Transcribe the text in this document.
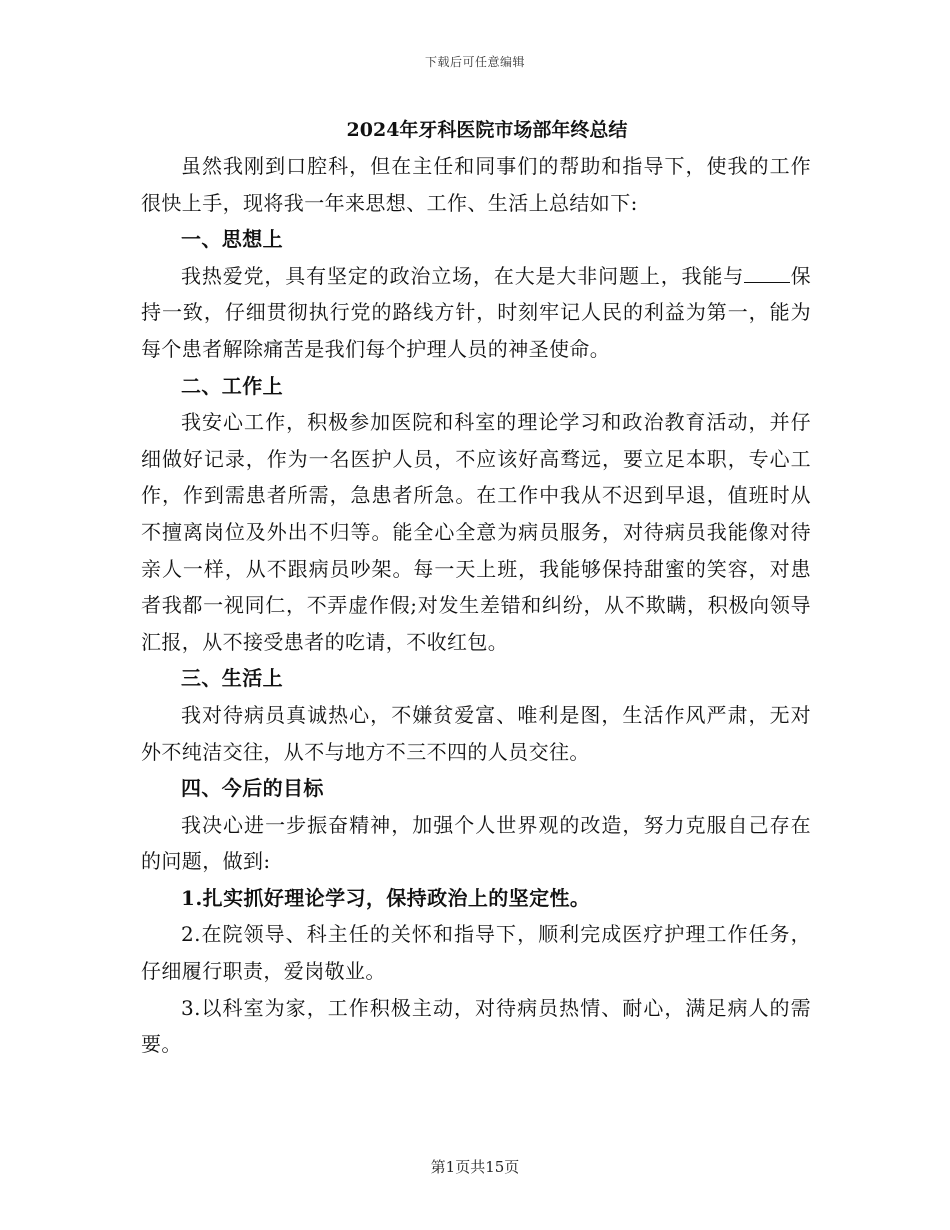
下载后可任意编辑

2024年牙科医院市场部年终总结

虽然我刚到口腔科，但在主任和同事们的帮助和指导下，使我的工作很快上手，现将我一年来思想、工作、生活上总结如下:

一、思想上

我热爱党，具有坚定的政治立场，在大是大非问题上，我能与 保持一致，仔细贯彻执行党的路线方针，时刻牢记人民的利益为第一，能为每个患者解除痛苦是我们每个护理人员的神圣使命。

二、工作上

我安心工作，积极参加医院和科室的理论学习和政治教育活动，并仔细做好记录，作为一名医护人员，不应该好高骛远，要立足本职，专心工作，作到需患者所需，急患者所急。在工作中我从不迟到早退，值班时从不擅离岗位及外出不归等。能全心全意为病员服务，对待病员我能像对待亲人一样，从不跟病员吵架。每一天上班，我能够保持甜蜜的笑容，对患者我都一视同仁，不弄虚作假;对发生差错和纠纷，从不欺瞒，积极向领导汇报，从不接受患者的吃请，不收红包。

三、生活上

我对待病员真诚热心，不嫌贫爱富、唯利是图，生活作风严肃，无对外不纯洁交往，从不与地方不三不四的人员交往。

四、今后的目标

我决心进一步振奋精神，加强个人世界观的改造，努力克服自己存在的问题，做到:

1.扎实抓好理论学习，保持政治上的坚定性。

2.在院领导、科主任的关怀和指导下，顺利完成医疗护理工作任务，仔细履行职责，爱岗敬业。

3.以科室为家，工作积极主动，对待病员热情、耐心，满足病人的需要。

第1页共15页
